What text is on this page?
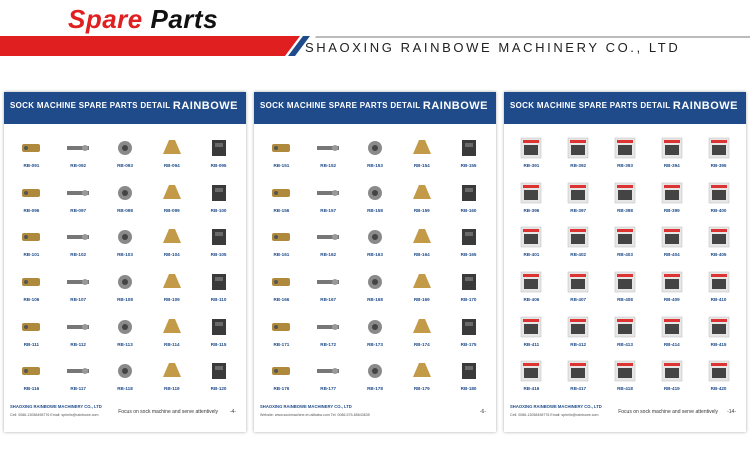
Spare Parts
SHAOXING RAINBOWE MACHINERY CO., LTD
SOCK MACHINE SPARE PARTS DETAIL RAINBOWE
RB-091	RB-092	RB-093	RB-094	RB-095
RB-096	RB-097	RB-098	RB-099	RB-100
RB-101	RB-102	RB-103	RB-104	RB-105
RB-106	RB-107	RB-108	RB-109	RB-110
RB-111	RB-112	RB-113	RB-114	RB-115
RB-116	RB-117	RB-118	RB-119	RB-120
SHAOXING RAINBOWE MACHINERY CO., LTD
Cell: 0086-13058498776 Email: sphelix@rainbowe.com	Focus on sock machine and serve attentively -4-
SOCK MACHINE SPARE PARTS DETAIL RAINBOWE
RB-151	RB-152	RB-153	RB-154	RB-155
RB-156	RB-157	RB-158	RB-159	RB-160
RB-161	RB-162	RB-163	RB-164	RB-165
RB-166	RB-167	RB-168	RB-169	RB-170
RB-171	RB-172	RB-173	RB-174	RB-175
RB-176	RB-177	RB-178	RB-179	RB-180
SHAOXING RAINBOWE MACHINERY CO., LTD
Website: www.sockmachine.en.alibaba.com Tel: 0086-575-85643635	-6-
SOCK MACHINE SPARE PARTS DETAIL RAINBOWE
RB-391	RB-392	RB-393	RB-394	RB-395
RB-396	RB-397	RB-398	RB-399	RB-400
RB-401	RB-402	RB-403	RB-404	RB-405
RB-406	RB-407	RB-408	RB-409	RB-410
RB-411	RB-412	RB-413	RB-414	RB-415
RB-416	RB-417	RB-418	RB-419	RB-420
SHAOXING RAINBOWE MACHINERY CO., LTD
Cell: 0086-13058498776 Email: sphelix@rainbowe.com	Focus on sock machine and serve attentively -14-
